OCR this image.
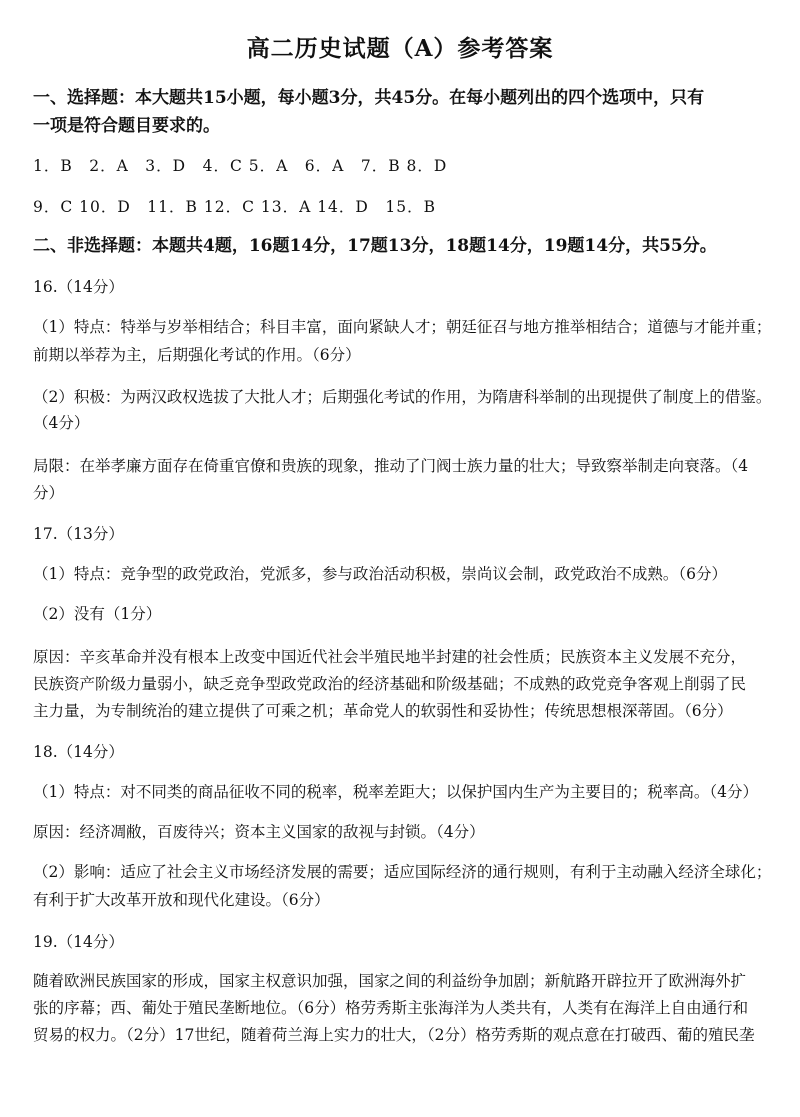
高二历史试题（A）参考答案
一、选择题：本大题共15小题，每小题3分，共45分。在每小题列出的四个选项中，只有
一项是符合题目要求的。
1．B　2．A　3．D　4．C 5．A　6．A　7．B 8．D
9．C 10．D　11．B 12．C 13．A 14．D　15．B
二、非选择题：本题共4题，16题14分，17题13分，18题14分，19题14分，共55分。
16.（14分）
（1）特点：特举与岁举相结合；科目丰富，面向紧缺人才；朝廷征召与地方推举相结合；道德与才能并重；
前期以举荐为主，后期强化考试的作用。（6分）
（2）积极：为两汉政权选拔了大批人才；后期强化考试的作用，为隋唐科举制的出现提供了制度上的借鉴。
（4分）
局限：在举孝廉方面存在倚重官僚和贵族的现象，推动了门阀士族力量的壮大；导致察举制走向衰落。（4
分）
17.（13分）
（1）特点：竞争型的政党政治，党派多，参与政治活动积极，崇尚议会制，政党政治不成熟。（6分）
（2）没有（1分）
原因：辛亥革命并没有根本上改变中国近代社会半殖民地半封建的社会性质；民族资本主义发展不充分，
民族资产阶级力量弱小，缺乏竞争型政党政治的经济基础和阶级基础；不成熟的政党竞争客观上削弱了民
主力量，为专制统治的建立提供了可乘之机；革命党人的软弱性和妥协性；传统思想根深蒂固。（6分）
18.（14分）
（1）特点：对不同类的商品征收不同的税率，税率差距大；以保护国内生产为主要目的；税率高。（4分）
原因：经济凋敝，百废待兴；资本主义国家的敌视与封锁。（4分）
（2）影响：适应了社会主义市场经济发展的需要；适应国际经济的通行规则，有利于主动融入经济全球化；
有利于扩大改革开放和现代化建设。（6分）
19.（14分）
随着欧洲民族国家的形成，国家主权意识加强，国家之间的利益纷争加剧；新航路开辟拉开了欧洲海外扩
张的序幕；西、葡处于殖民垄断地位。（6分）格劳秀斯主张海洋为人类共有，人类有在海洋上自由通行和
贸易的权力。（2分）17世纪，随着荷兰海上实力的壮大，（2分）格劳秀斯的观点意在打破西、葡的殖民垄
